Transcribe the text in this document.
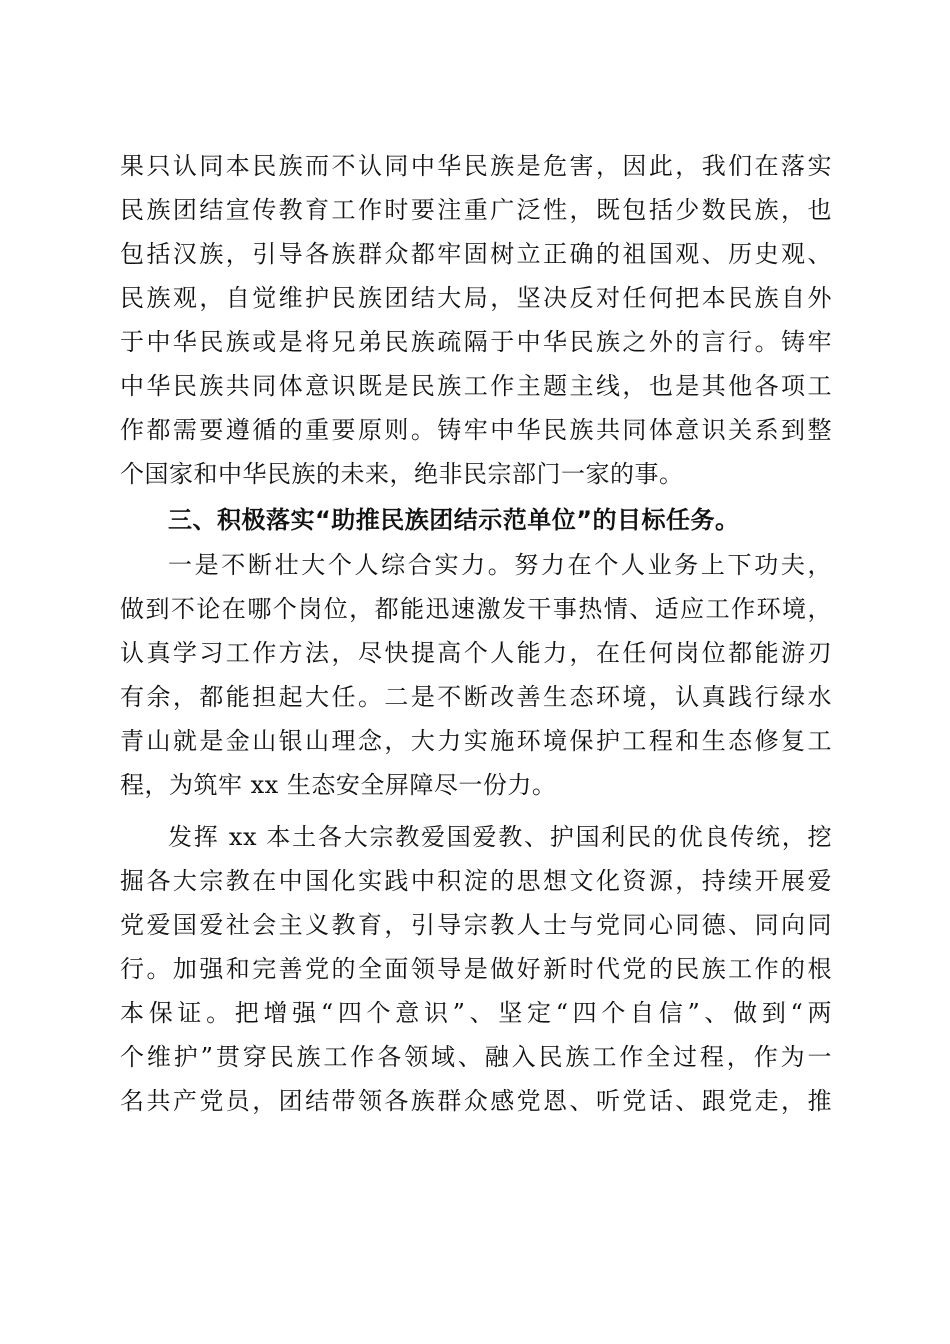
果只认同本民族而不认同中华民族是危害，因此，我们在落实
民族团结宣传教育工作时要注重广泛性，既包括少数民族，也
包括汉族，引导各族群众都牢固树立正确的祖国观、历史观、
民族观，自觉维护民族团结大局，坚决反对任何把本民族自外
于中华民族或是将兄弟民族疏隔于中华民族之外的言行。铸牢
中华民族共同体意识既是民族工作主题主线，也是其他各项工
作都需要遵循的重要原则。铸牢中华民族共同体意识关系到整
个国家和中华民族的未来，绝非民宗部门一家的事。
三、积极落实“助推民族团结示范单位”的目标任务。
一是不断壮大个人综合实力。努力在个人业务上下功夫，
做到不论在哪个岗位，都能迅速激发干事热情、适应工作环境，
认真学习工作方法，尽快提高个人能力，在任何岗位都能游刃
有余，都能担起大任。二是不断改善生态环境，认真践行绿水
青山就是金山银山理念，大力实施环境保护工程和生态修复工
程，为筑牢 xx 生态安全屏障尽一份力。
发挥 xx 本土各大宗教爱国爱教、护国利民的优良传统，挖
掘各大宗教在中国化实践中积淀的思想文化资源，持续开展爱
党爱国爱社会主义教育，引导宗教人士与党同心同德、同向同
行。加强和完善党的全面领导是做好新时代党的民族工作的根
本保证。把增强“四个意识”、坚定“四个自信”、做到“两
个维护”贯穿民族工作各领域、融入民族工作全过程，作为一
名共产党员，团结带领各族群众感党恩、听党话、跟党走，推
